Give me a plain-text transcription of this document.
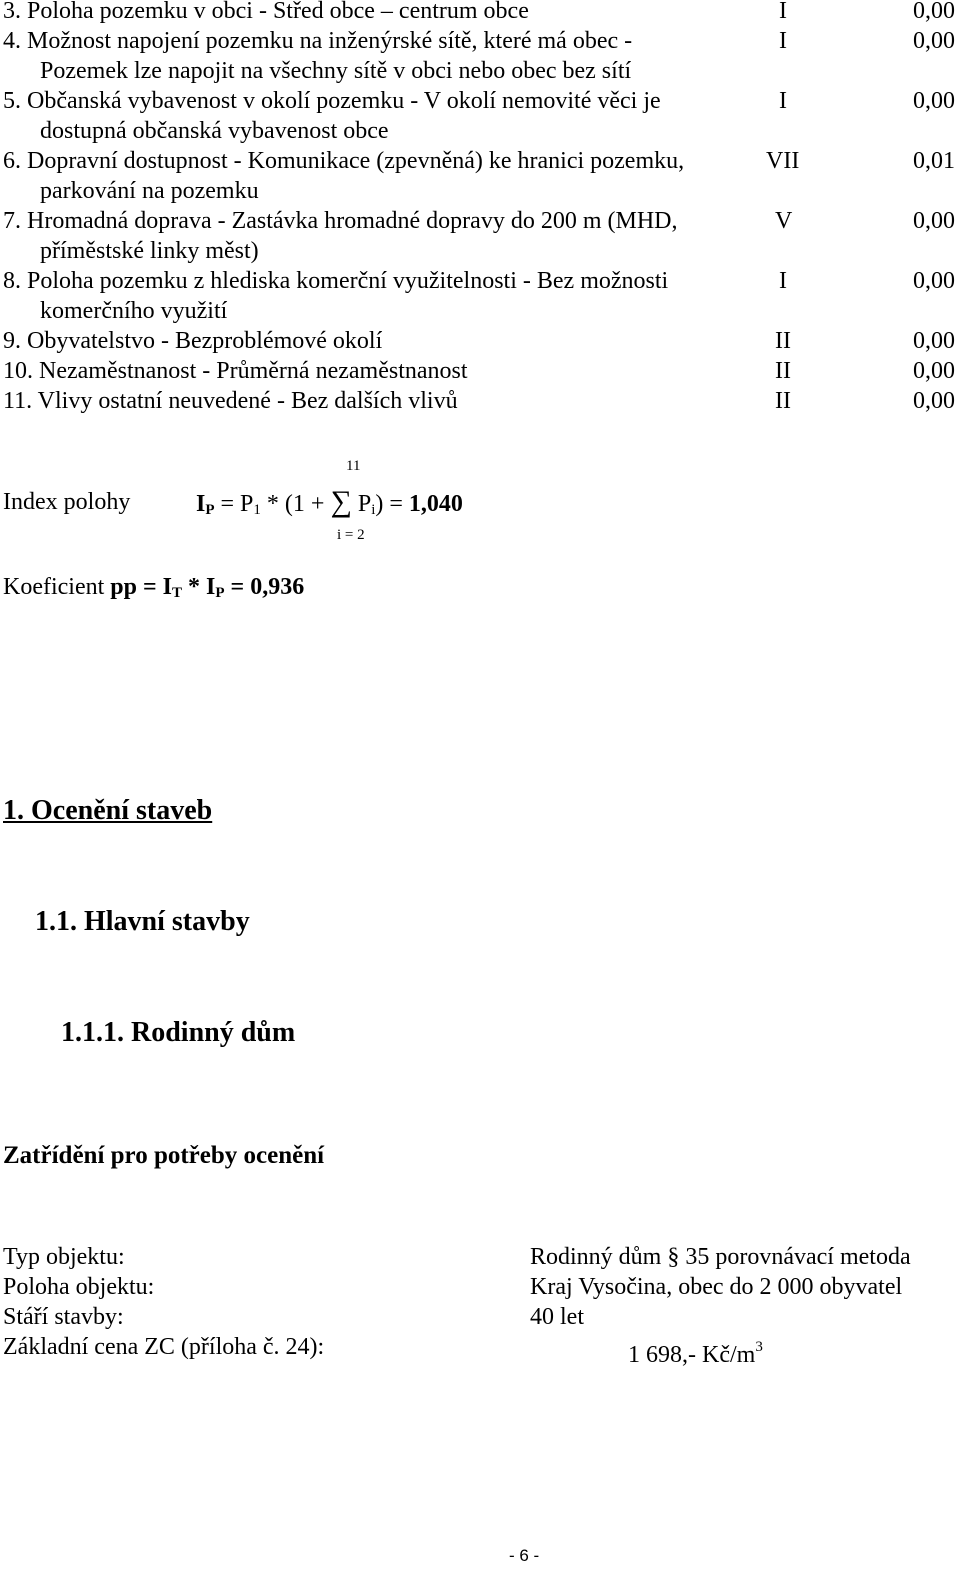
3. Poloha pozemku v obci - Střed obce – centrum obce	I	0,00
4. Možnost napojení pozemku na inženýrské sítě, které má obec -
Pozemek lze napojit na všechny sítě v obci nebo obec bez sítí
I	0,00
5. Občanská vybavenost v okolí pozemku - V okolí nemovité věci je
dostupná občanská vybavenost obce
I	0,00
6. Dopravní dostupnost - Komunikace (zpevněná) ke hranici pozemku,
parkování na pozemku
VII	0,01
7. Hromadná doprava - Zastávka hromadné dopravy do 200 m (MHD,
příměstské linky měst)
V	0,00
8. Poloha pozemku z hlediska komerční využitelnosti - Bez možnosti
komerčního využití
I	0,00
9. Obyvatelstvo - Bezproblémové okolí	II	0,00
10. Nezaměstnanost - Průměrná nezaměstnanost	II	0,00
11. Vlivy ostatní neuvedené - Bez dalších vlivů	II	0,00
11
Index polohy	$I_P = P_1 * (1$ + ∑ $P_i) = 1,040$
i = 2
Koeficient pp = $I_T * I_P = 0,936$
1. Ocenění staveb
1.1. Hlavní stavby
1.1.1. Rodinný dům
Zatřídění pro potřeby ocenění
Typ objektu:	Rodinný dům § 35 porovnávací metoda
Poloha objektu:	Kraj Vysočina, obec do 2 000 obyvatel
Stáří stavby:	40 let
Základní cena ZC (příloha č. 24):	1 698,- $Kč/m^3$
- 6 -
